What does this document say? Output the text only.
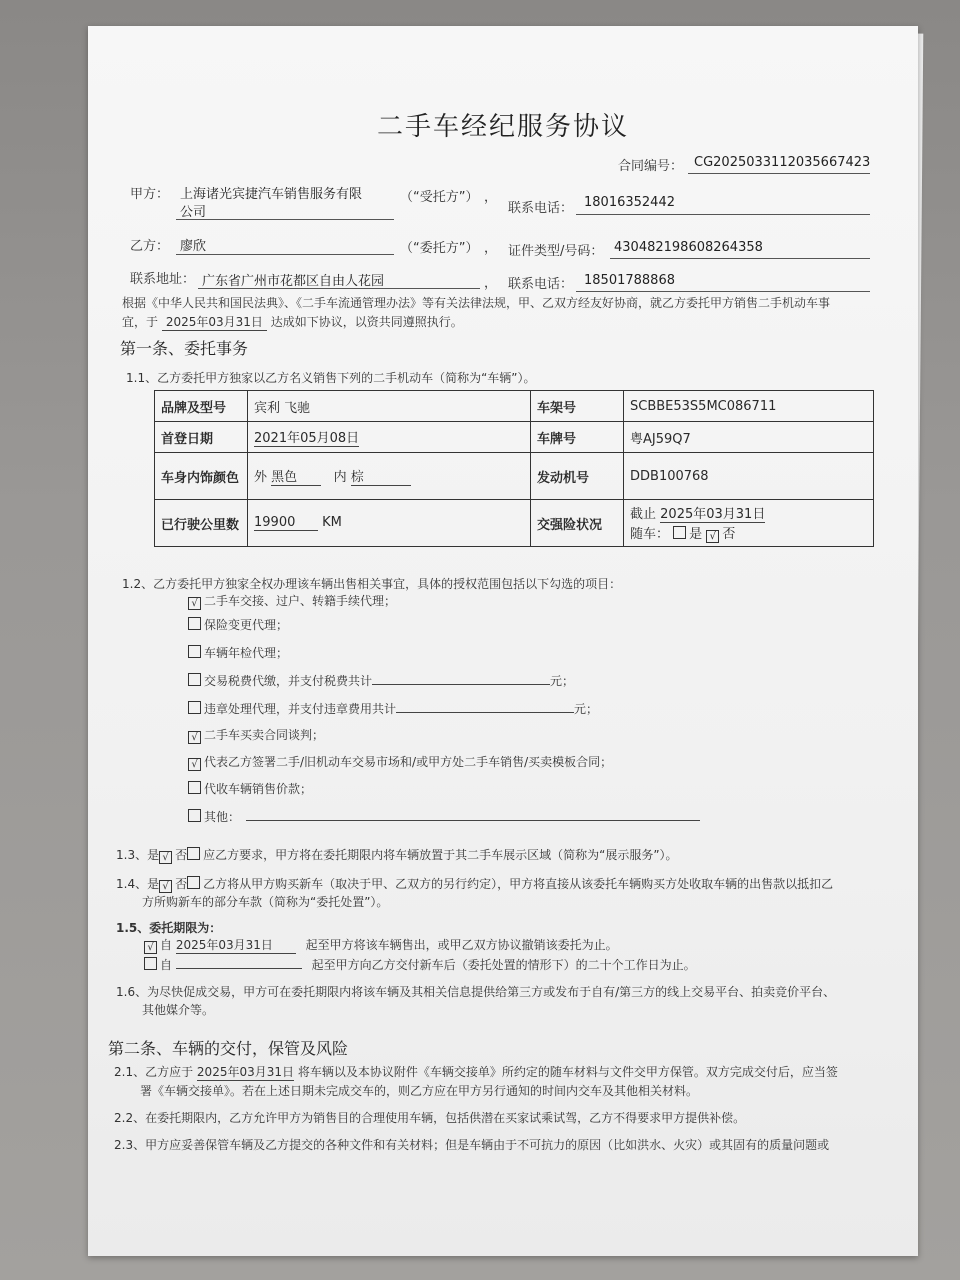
二手车经纪服务协议
合同编号： CG2025033112035667423
甲方： 上海诸光宾捷汽车销售服务有限
公司
（“受托方”） ，
联系电话： 18016352442
乙方： 廖欣	（“委托方”） ， 证件类型/号码： 430482198608264358
联系地址： 广东省广州市花都区自由人花园	， 联系电话： 18501788868
根据《中华人民共和国民法典》、《二手车流通管理办法》等有关法律法规，甲、乙双方经友好协商，就乙方委托甲方销售二手机动车事
宜，于 2025年03月31日 达成如下协议，以资共同遵照执行。
第一条、委托事务
1.1、乙方委托甲方独家以乙方名义销售下列的二手机动车（简称为“车辆”）。
品牌及型号	宾利 飞驰	车架号	SCBBE53S5MC086711
首登日期	2021年05月08日	车牌号	粤AJ59Q7
车身内饰颜色	外 黑色 内 棕	发动机号	DDB100768
已行驶公里数	19900 KM	交强险状况	截止 2025年03月31日
随车： 是 √ 否
1.2、乙方委托甲方独家全权办理该车辆出售相关事宜，具体的授权范围包括以下勾选的项目：
√ 二手车交接、过户、转籍手续代理；
保险变更代理；
车辆年检代理；
交易税费代缴，并支付税费共计	元；
违章处理代理，并支付违章费用共计	元；
√ 二手车买卖合同谈判；
√ 代表乙方签署二手/旧机动车交易市场和/或甲方处二手车销售/买卖模板合同；
代收车辆销售价款；
其他：
1.3、是 √ 否 应乙方要求，甲方将在委托期限内将车辆放置于其二手车展示区域（简称为“展示服务”）。
1.4、是 √ 否 乙方将从甲方购买新车（取决于甲、乙双方的另行约定），甲方将直接从该委托车辆购买方处收取车辆的出售款以抵扣乙
方所购新车的部分车款（简称为“委托处置”）。
1.5、委托期限为：
√ 自 2025年03月31日	起至甲方将该车辆售出，或甲乙双方协议撤销该委托为止。
自	起至甲方向乙方交付新车后（委托处置的情形下）的二十个工作日为止。
1.6、为尽快促成交易，甲方可在委托期限内将该车辆及其相关信息提供给第三方或发布于自有/第三方的线上交易平台、拍卖竞价平台、
其他媒介等。
第二条、车辆的交付，保管及风险
2.1、乙方应于 2025年03月31日 将车辆以及本协议附件《车辆交接单》所约定的随车材料与文件交甲方保管。双方完成交付后，应当签
署《车辆交接单》。若在上述日期未完成交车的，则乙方应在甲方另行通知的时间内交车及其他相关材料。
2.2、在委托期限内，乙方允许甲方为销售目的合理使用车辆，包括供潜在买家试乘试驾，乙方不得要求甲方提供补偿。
2.3、甲方应妥善保管车辆及乙方提交的各种文件和有关材料；但是车辆由于不可抗力的原因（比如洪水、火灾）或其固有的质量问题或
